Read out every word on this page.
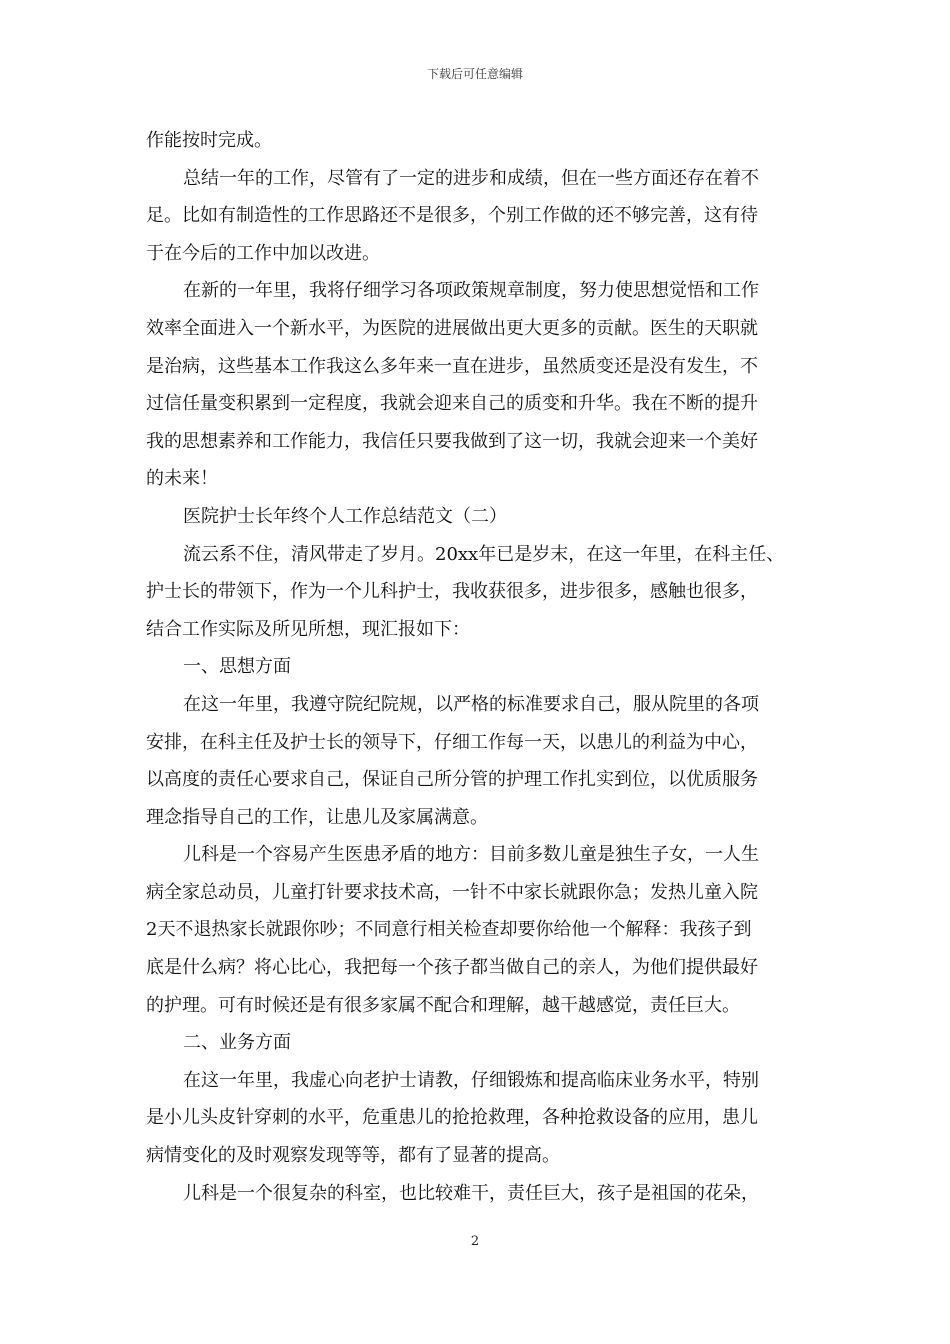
下载后可任意编辑
作能按时完成。
总结一年的工作，尽管有了一定的进步和成绩，但在一些方面还存在着不
足。比如有制造性的工作思路还不是很多，个别工作做的还不够完善，这有待
于在今后的工作中加以改进。
在新的一年里，我将仔细学习各项政策规章制度，努力使思想觉悟和工作
效率全面进入一个新水平，为医院的进展做出更大更多的贡献。医生的天职就
是治病，这些基本工作我这么多年来一直在进步，虽然质变还是没有发生，不
过信任量变积累到一定程度，我就会迎来自己的质变和升华。我在不断的提升
我的思想素养和工作能力，我信任只要我做到了这一切，我就会迎来一个美好
的未来！
医院护士长年终个人工作总结范文（二）
流云系不住，清风带走了岁月。20xx年已是岁末，在这一年里，在科主任、
护士长的带领下，作为一个儿科护士，我收获很多，进步很多，感触也很多，
结合工作实际及所见所想，现汇报如下：
一、思想方面
在这一年里，我遵守院纪院规，以严格的标准要求自己，服从院里的各项
安排，在科主任及护士长的领导下，仔细工作每一天，以患儿的利益为中心，
以高度的责任心要求自己，保证自己所分管的护理工作扎实到位，以优质服务
理念指导自己的工作，让患儿及家属满意。
儿科是一个容易产生医患矛盾的地方：目前多数儿童是独生子女，一人生
病全家总动员，儿童打针要求技术高，一针不中家长就跟你急；发热儿童入院
2天不退热家长就跟你吵；不同意行相关检查却要你给他一个解释：我孩子到
底是什么病？将心比心，我把每一个孩子都当做自己的亲人，为他们提供最好
的护理。可有时候还是有很多家属不配合和理解，越干越感觉，责任巨大。
二、业务方面
在这一年里，我虚心向老护士请教，仔细锻炼和提高临床业务水平，特别
是小儿头皮针穿刺的水平，危重患儿的抢抢救理，各种抢救设备的应用，患儿
病情变化的及时观察发现等等，都有了显著的提高。
儿科是一个很复杂的科室，也比较难干，责任巨大，孩子是祖国的花朵，
2
